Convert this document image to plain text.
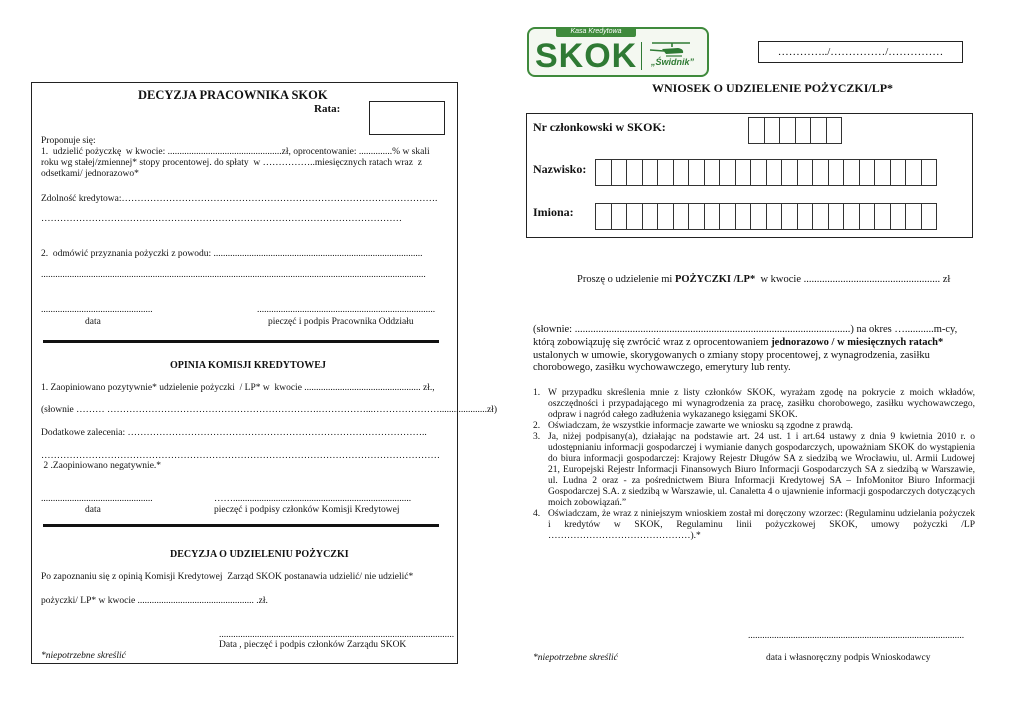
DECYZJA PRACOWNIKA SKOK
Rata:
Proponuje się:
1.  udzielić pożyczkę  w kwocie: ................................................zł, oprocentowanie: ..............% w skali
roku wg stałej/zmiennej* stopy procentowej. do spłaty  w ……………..miesięcznych ratach wraz  z
odsetkami/ jednorazowo*
Zdolność kredytowa:……………………………………………………………………………………….
……………………………………………………………………………………………………
2.  odmówić przyznania pożyczki z powodu: ........................................................................................
..................................................................................................................................................................
...............................................	...........................................................................
data	pieczęć i podpis Pracownika Oddziału
OPINIA KOMISJI KREDYTOWEJ
1. Zaopiniowano pozytywnie* udzielenie pożyczki  / LP* w  kwocie ................................................. zł.,
(słownie ……… ………………………………………………………….……………...…………………....................zł)
Dodatkowe zalecenia: …………………………………………………………………………………..
………………………………………………………………………………………………………………
2 .Zaopiniowano negatywnie.*
...............................................	……...........................................................................
data	pieczęć i podpisy członków Komisji Kredytowej
DECYZJA O UDZIELENIU POŻYCZKI
Po zapoznaniu się z opinią Komisji Kredytowej  Zarząd SKOK postanawia udzielić/ nie udzielić*
pożyczki/ LP* w kwocie ................................................. .zł.
...................................................................................................
Data , pieczęć i podpis członków Zarządu SKOK
*niepotrzebne skreślić
Kasa Kredytowa
SKOK „Świdnik”
…………../……………/……………
WNIOSEK O UDZIELENIE POŻYCZKI/LP*
Nr członkowski w SKOK:
Nazwisko:
Imiona:
Proszę o udzielenie mi POŻYCZKI /LP*  w kwocie .................................................... zł
(słownie: .........................................................................................................) na okres …...........m-cy,
którą zobowiązuję się zwrócić wraz z oprocentowaniem jednorazowo / w miesięcznych ratach*
ustalonych w umowie, skorygowanych o zmiany stopy procentowej, z wynagrodzenia, zasiłku
chorobowego, zasiłku wychowawczego, emerytury lub renty.
1. W przypadku skreślenia mnie z listy członków SKOK, wyrażam zgodę na pokrycie z moich wkładów, oszczędności i przypadającego mi wynagrodzenia za pracę, zasiłku chorobowego, zasiłku wychowawczego, odpraw i nagród całego zadłużenia wykazanego księgami SKOK.
2. Oświadczam, że wszystkie informacje zawarte we wniosku są zgodne z prawdą.
3. Ja, niżej podpisany(a), działając na podstawie art. 24 ust. 1 i art.64 ustawy z dnia 9 kwietnia 2010 r. o udostępnianiu informacji gospodarczej i wymianie danych gospodarczych, upoważniam SKOK do wystąpienia do biura informacji gospodarczej: Krajowy Rejestr Długów SA z siedzibą we Wrocławiu, ul. Armii Ludowej 21, Europejski Rejestr Informacji Finansowych Biuro Informacji Gospodarczych SA z siedzibą w Warszawie, ul. Ludna 2 oraz - za pośrednictwem Biura Informacji Kredytowej SA – InfoMonitor Biuro Informacji Gospodarczej S.A. z siedzibą w Warszawie, ul. Canaletta 4 o ujawnienie informacji gospodarczych dotyczących moich zobowiązań.”
4. Oświadczam, że wraz z niniejszym wnioskiem został mi doręczony wzorzec: (Regulaminu udzielania pożyczek i kredytów w SKOK, Regulaminu linii pożyczkowej SKOK, umowy pożyczki /LP ………………………………………).*
...........................................................................................
*niepotrzebne skreślić	data i własnoręczny podpis Wnioskodawcy
